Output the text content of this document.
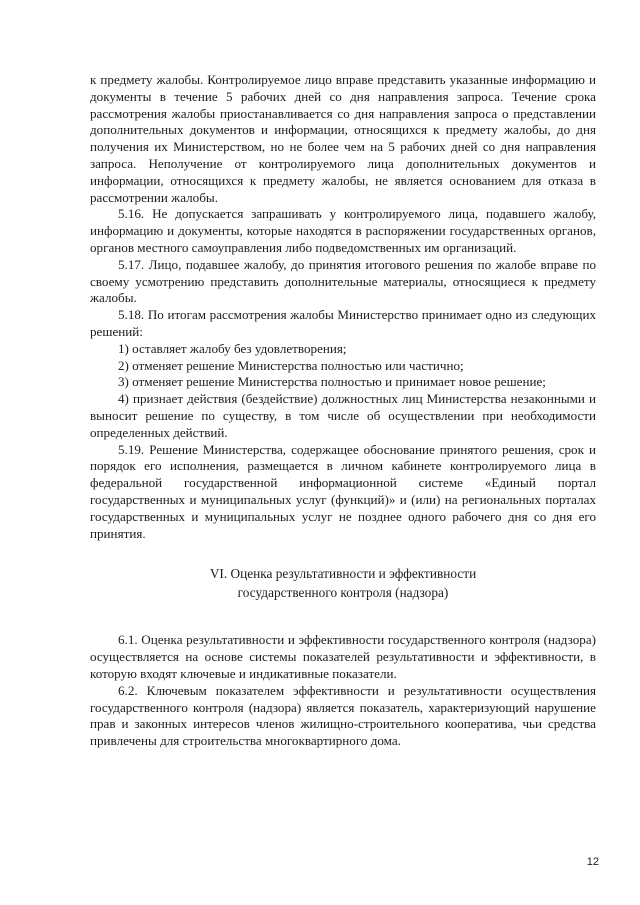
к предмету жалобы. Контролируемое лицо вправе представить указанные информацию и документы в течение 5 рабочих дней со дня направления запроса. Течение срока рассмотрения жалобы приостанавливается со дня направления запроса о представлении дополнительных документов и информации, относящихся к предмету жалобы, до дня получения их Министерством, но не более чем на 5 рабочих дней со дня направления запроса. Неполучение от контролируемого лица дополнительных документов и информации, относящихся к предмету жалобы, не является основанием для отказа в рассмотрении жалобы.

5.16. Не допускается запрашивать у контролируемого лица, подавшего жалобу, информацию и документы, которые находятся в распоряжении государственных органов, органов местного самоуправления либо подведомственных им организаций.

5.17. Лицо, подавшее жалобу, до принятия итогового решения по жалобе вправе по своему усмотрению представить дополнительные материалы, относящиеся к предмету жалобы.

5.18. По итогам рассмотрения жалобы Министерство принимает одно из следующих решений:

1) оставляет жалобу без удовлетворения;

2) отменяет решение Министерства полностью или частично;

3) отменяет решение Министерства полностью и принимает новое решение;

4) признает действия (бездействие) должностных лиц Министерства незаконными и выносит решение по существу, в том числе об осуществлении при необходимости определенных действий.

5.19. Решение Министерства, содержащее обоснование принятого решения, срок и порядок его исполнения, размещается в личном кабинете контролируемого лица в федеральной государственной информационной системе «Единый портал государственных и муниципальных услуг (функций)» и (или) на региональных порталах государственных и муниципальных услуг не позднее одного рабочего дня со дня его принятия.

VI. Оценка результативности и эффективности
государственного контроля (надзора)

6.1. Оценка результативности и эффективности государственного контроля (надзора) осуществляется на основе системы показателей результативности и эффективности, в которую входят ключевые и индикативные показатели.

6.2. Ключевым показателем эффективности и результативности осуществления государственного контроля (надзора) является показатель, характеризующий нарушение прав и законных интересов членов жилищно-строительного кооператива, чьи средства привлечены для строительства многоквартирного дома.

12
